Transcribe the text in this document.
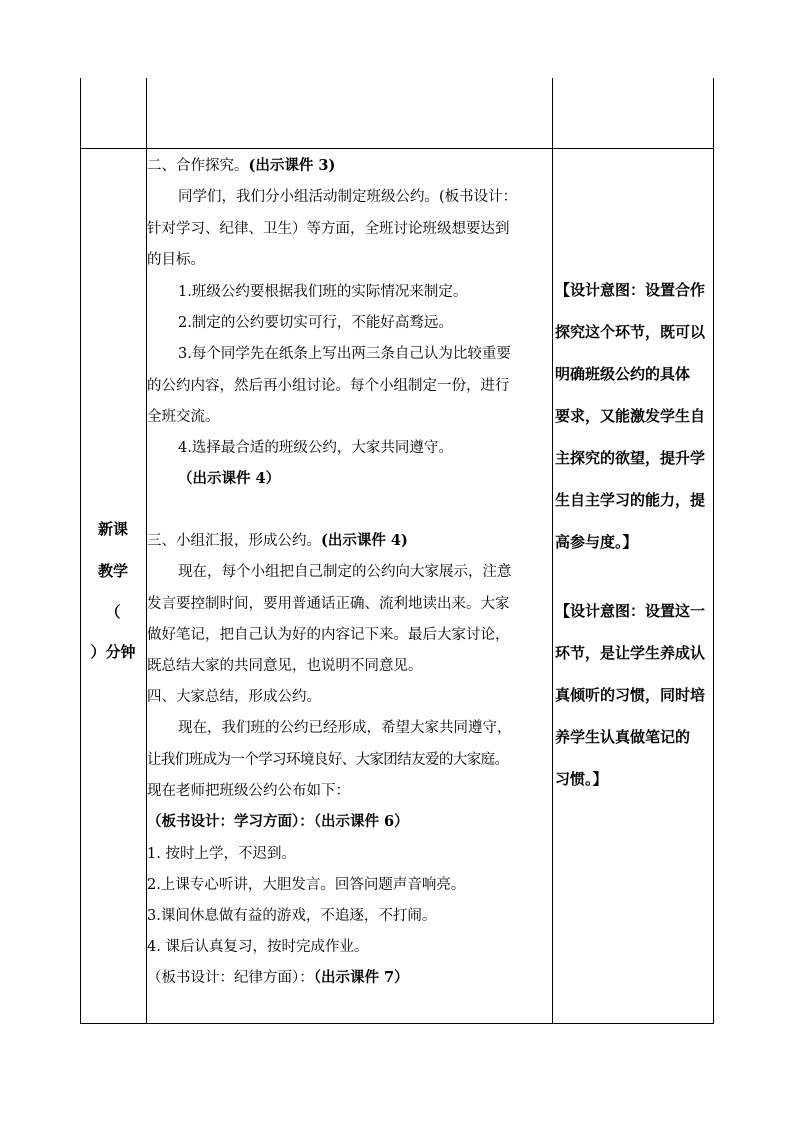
新课
教学
（
）分钟
二、合作探究。(出示课件 3)
同学们，我们分小组活动制定班级公约。(板书设计：
针对学习、纪律、卫生）等方面，全班讨论班级想要达到
的目标。
1.班级公约要根据我们班的实际情况来制定。
2.制定的公约要切实可行，不能好高骛远。
3.每个同学先在纸条上写出两三条自己认为比较重要
的公约内容，然后再小组讨论。每个小组制定一份，进行
全班交流。
4.选择最合适的班级公约，大家共同遵守。
（出示课件 4）
三、小组汇报，形成公约。(出示课件 4)
现在，每个小组把自己制定的公约向大家展示，注意
发言要控制时间，要用普通话正确、流利地读出来。大家
做好笔记，把自己认为好的内容记下来。最后大家讨论，
既总结大家的共同意见，也说明不同意见。
四、大家总结，形成公约。
现在，我们班的公约已经形成，希望大家共同遵守，
让我们班成为一个学习环境良好、大家团结友爱的大家庭。
现在老师把班级公约公布如下：
（板书设计：学习方面）：（出示课件 6）
1. 按时上学，不迟到。
2.上课专心听讲，大胆发言。回答问题声音响亮。
3.课间休息做有益的游戏，不追逐，不打闹。
4. 课后认真复习，按时完成作业。
（板书设计：纪律方面）：（出示课件 7）
【设计意图：设置合作
探究这个环节，既可以
明确班级公约的具体
要求，又能激发学生自
主探究的欲望，提升学
生自主学习的能力，提
高参与度。】
【设计意图：设置这一
环节，是让学生养成认
真倾听的习惯，同时培
养学生认真做笔记的
习惯。】
